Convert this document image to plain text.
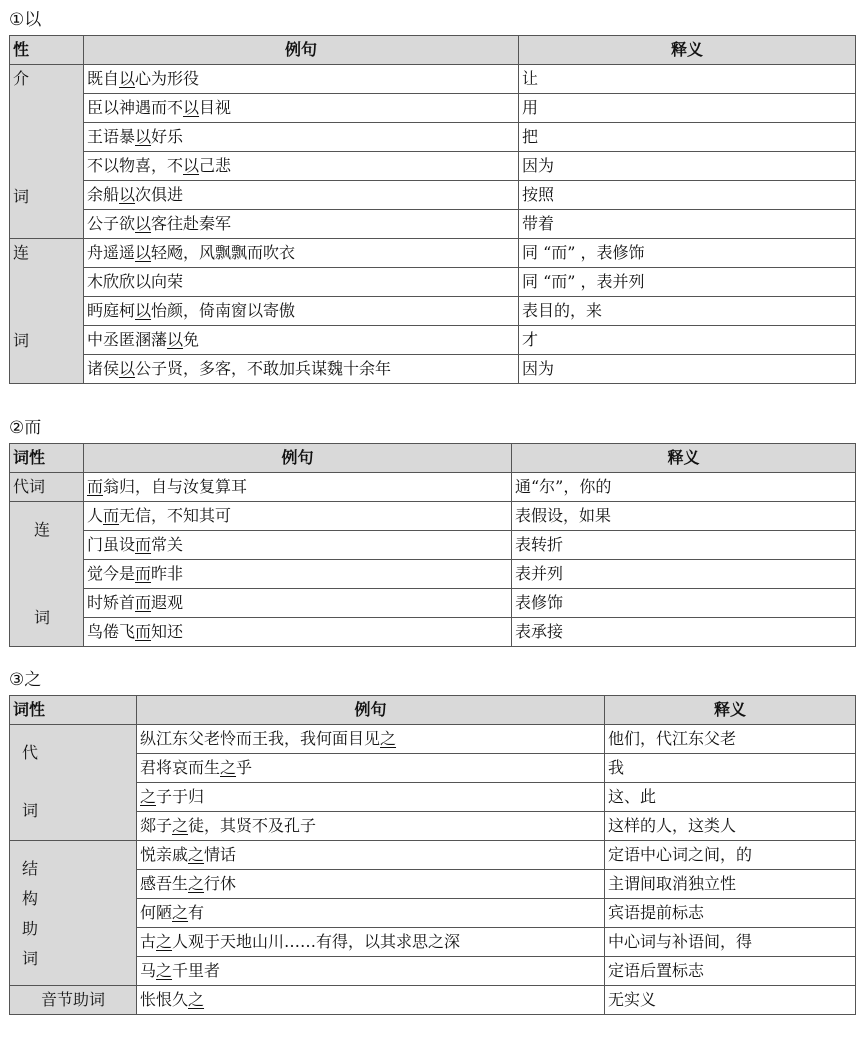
①以
性	例句	释义

介
词	既自以心为形役	让
	臣以神遇而不以目视	用
	王语暴以好乐	把
	不以物喜，不以己悲	因为
	余船以次俱进	按照
	公子欲以客往赴秦军	带着

连
词	舟遥遥以轻飏，风飘飘而吹衣	同 “而” ，表修饰
	木欣欣以向荣	同 “而” ，表并列
	眄庭柯以怡颜，倚南窗以寄傲	表目的，来
	中丞匿溷藩以免	才
	诸侯以公子贤，多客，不敢加兵谋魏十余年	因为
②而
词性	例句	释义
代词	而翁归，自与汝复算耳	通“尔”，你的

连
词	人而无信，不知其可	表假设，如果
	门虽设而常关	表转折
	觉今是而昨非	表并列
	时矫首而遐观	表修饰
	鸟倦飞而知还	表承接
③之
词性	例句	释义

代
词	纵江东父老怜而王我，我何面目见之	他们，代江东父老
	君将哀而生之乎	我
	之子于归	这、此
	郯子之徒，其贤不及孔子	这样的人，这类人

结
构
助
词	悦亲戚之情话	定语中心词之间，的
	感吾生之行休	主谓间取消独立性
	何陋之有	宾语提前标志
	古之人观于天地山川……有得，以其求思之深	中心词与补语间，得
	马之千里者	定语后置标志
音节助词	怅恨久之	无实义
